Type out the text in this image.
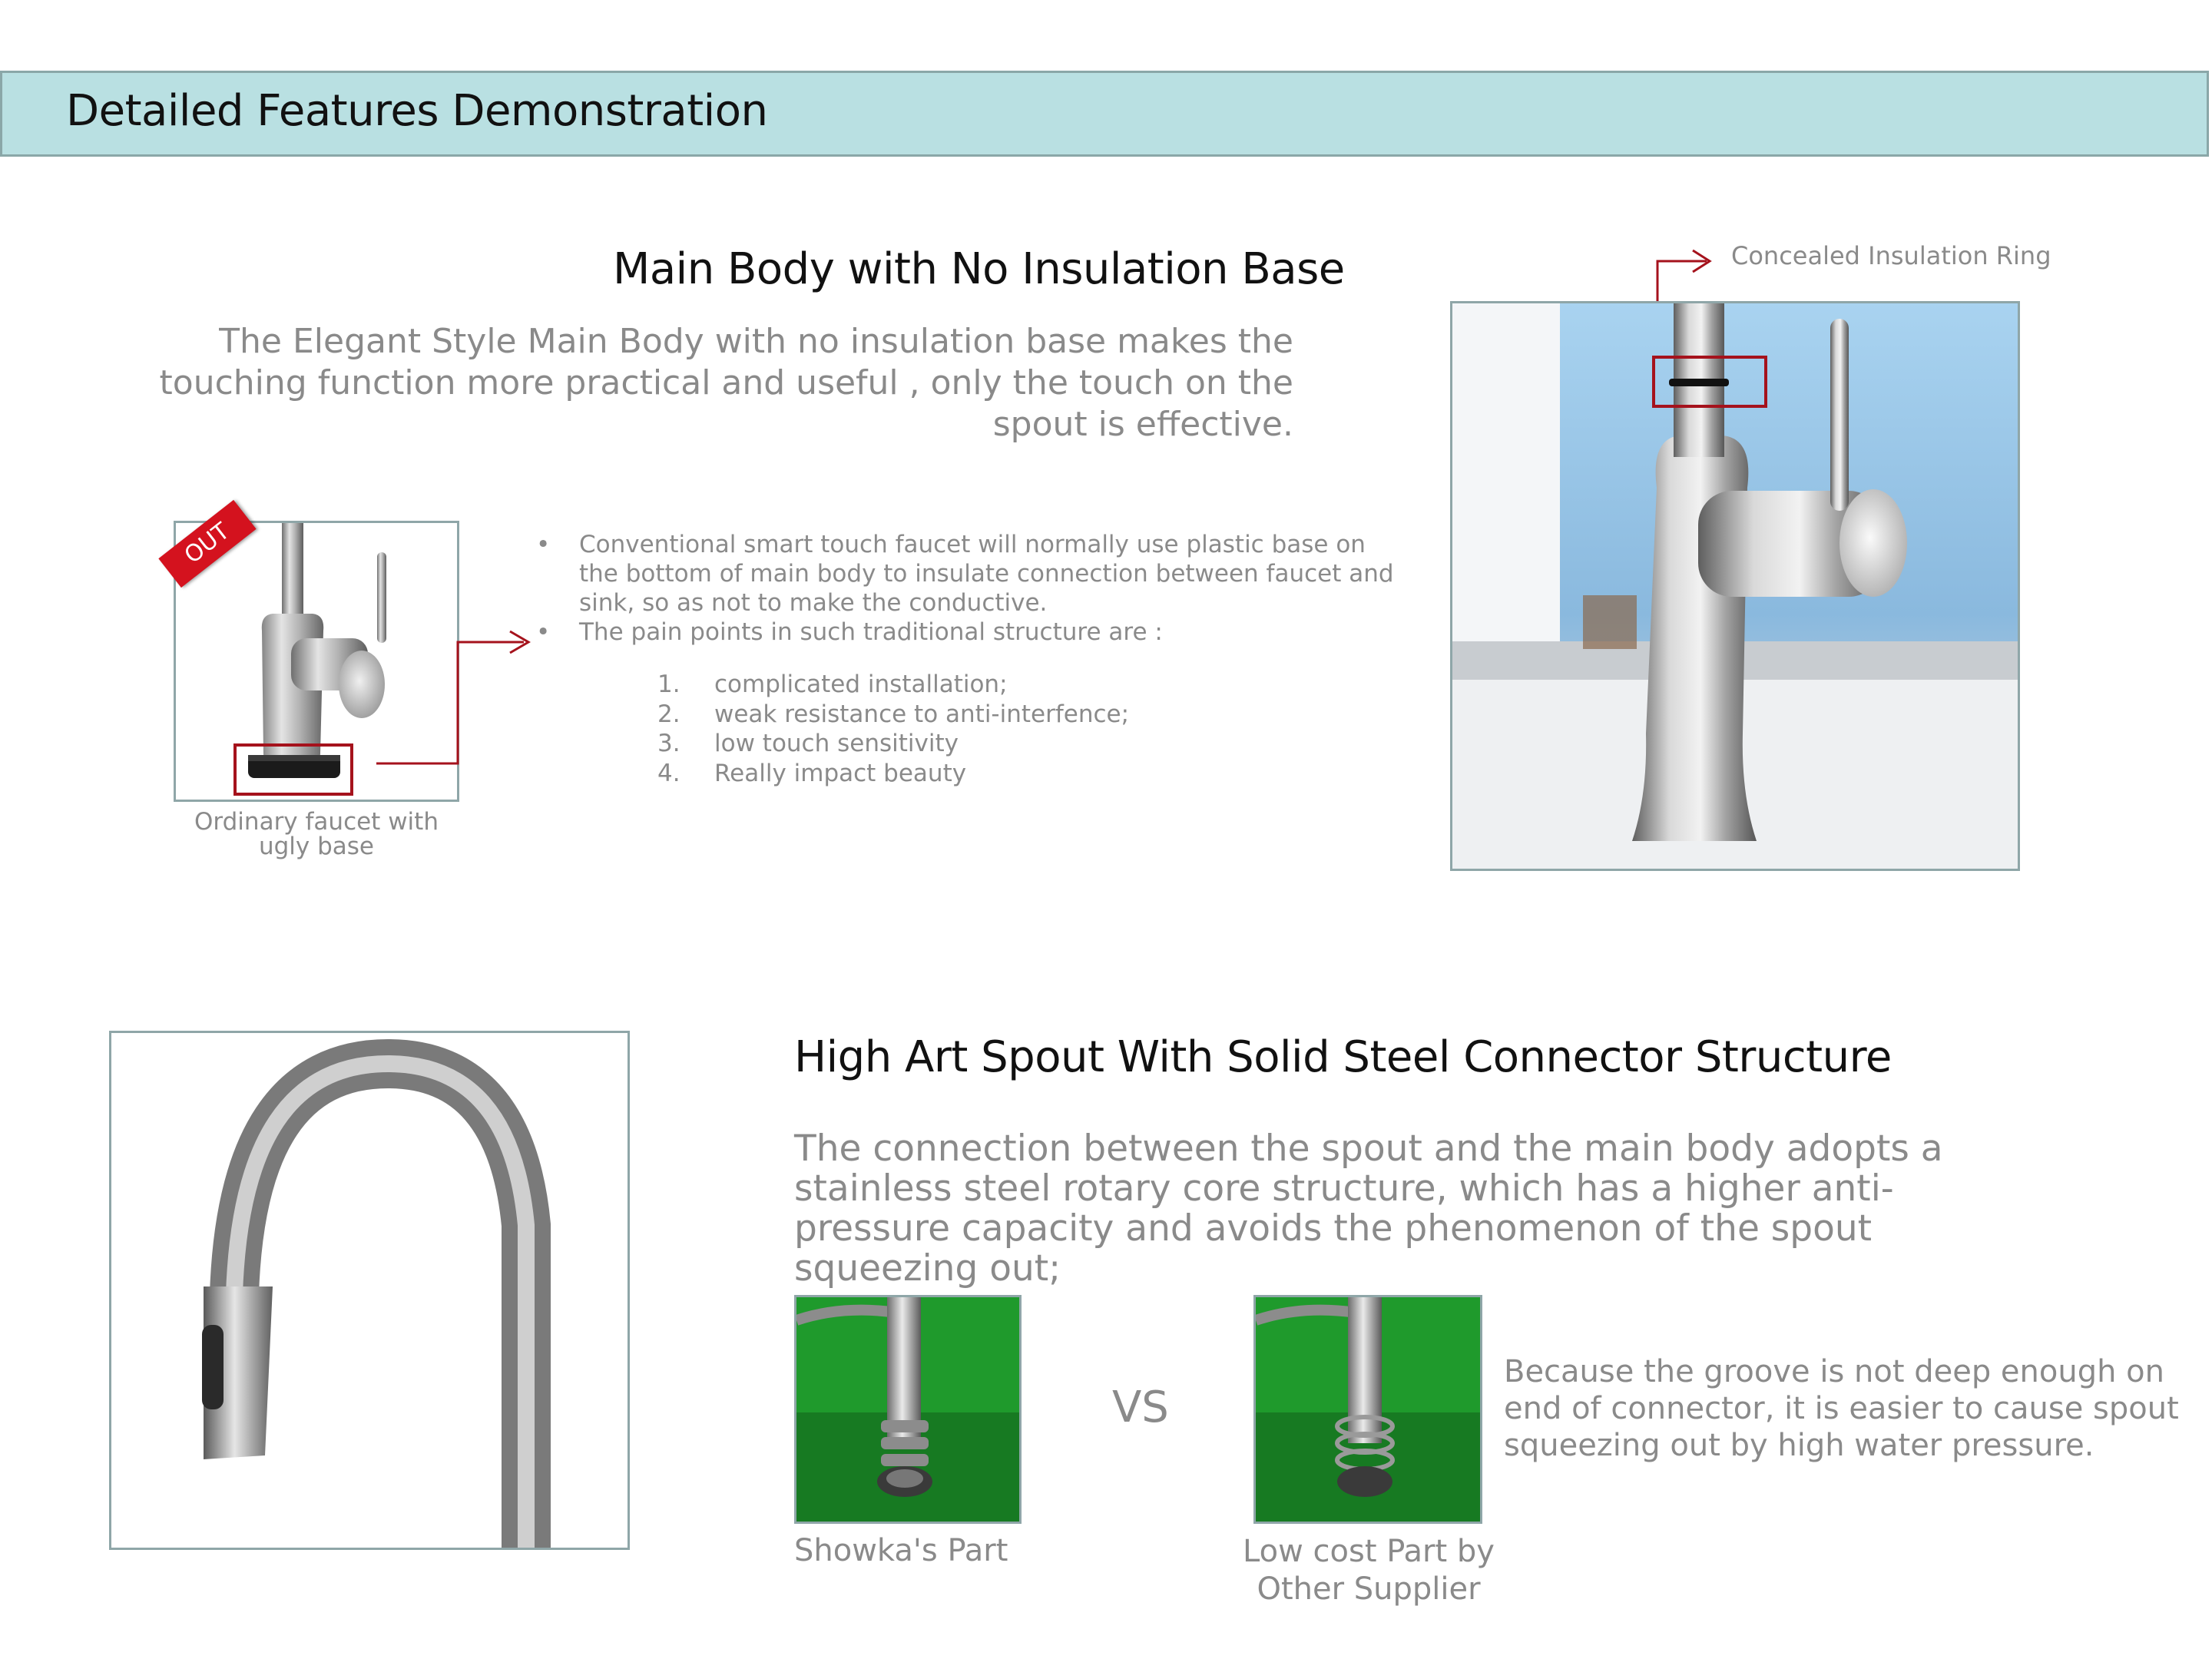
Detailed Features Demonstration
Main Body with No Insulation Base
The Elegant Style Main Body with no insulation base makes the touching function more practical and useful , only the touch on the spout is effective.
OUT
Ordinary faucet with ugly base
• Conventional smart touch faucet will normally use plastic base on the bottom of main body to insulate connection between faucet and sink, so as not to make the conductive.
• The pain points in such traditional structure are :
1. complicated installation;
2. weak resistance to anti-interfence;
3. low touch sensitivity
4. Really impact beauty
Concealed Insulation Ring
High Art Spout With Solid Steel Connector Structure
The connection between the spout and the main body adopts a stainless steel rotary core structure, which has a higher anti-pressure capacity and avoids the phenomenon of the spout squeezing out;
VS
Showka's Part	Low cost Part by Other Supplier
Because the groove is not deep enough on end of connector, it is easier to cause spout squeezing out by high water pressure.
